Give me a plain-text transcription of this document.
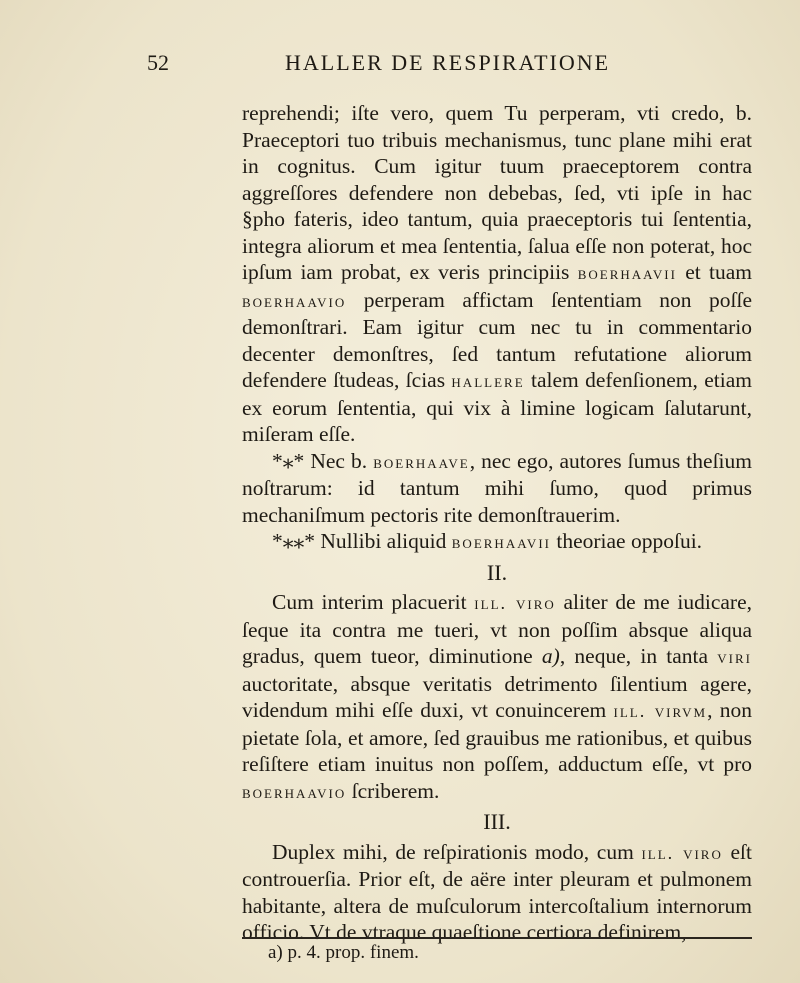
52	HALLER DE RESPIRATIONE

reprehendi; iſte vero, quem Tu perperam, vti credo, b. Praeceptori tuo tribuis mechanismus, tunc plane mihi erat in cognitus. Cum igitur tuum praeceptorem contra aggreſſores defendere non debebas, ſed, vti ipſe in hac §pho fateris, ideo tantum, quia praeceptoris tui ſententia, integra aliorum et mea ſententia, ſalua eſſe non poterat, hoc ipſum iam probat, ex veris principiis boerhaavii et tuam boerhaavio perperam affictam ſententiam non poſſe demonſtrari. Eam igitur cum nec tu in commentario decenter demonſtres, ſed tantum refutatione aliorum defendere ſtudeas, ſcias hallere talem defenſionem, etiam ex eorum ſententia, qui vix à limine logicam ſalutarunt, miſeram eſſe.

*⁎* Nec b. boerhaave, nec ego, autores ſumus theſium noſtrarum: id tantum mihi ſumo, quod primus mechaniſmum pectoris rite demonſtrauerim.

*⁎⁎* Nullibi aliquid boerhaavii theoriae oppoſui.

II.

Cum interim placuerit ill. viro aliter de me iudicare, ſeque ita contra me tueri, vt non poſſim absque aliqua gradus, quem tueor, diminutione a), neque, in tanta viri auctoritate, absque veritatis detrimento ſilentium agere, videndum mihi eſſe duxi, vt conuincerem ill. virvm, non pietate ſola, et amore, ſed grauibus me rationibus, et quibus reſiſtere etiam inuitus non poſſem, adductum eſſe, vt pro boerhaavio ſcriberem.

III.

Duplex mihi, de reſpirationis modo, cum ill. viro eſt controuerſia. Prior eſt, de aëre inter pleuram et pulmonem habitante, altera de muſculorum intercoſtalium internorum officio. Vt de vtraque quaeſtione certiora definirem,

a) p. 4. prop. finem.
